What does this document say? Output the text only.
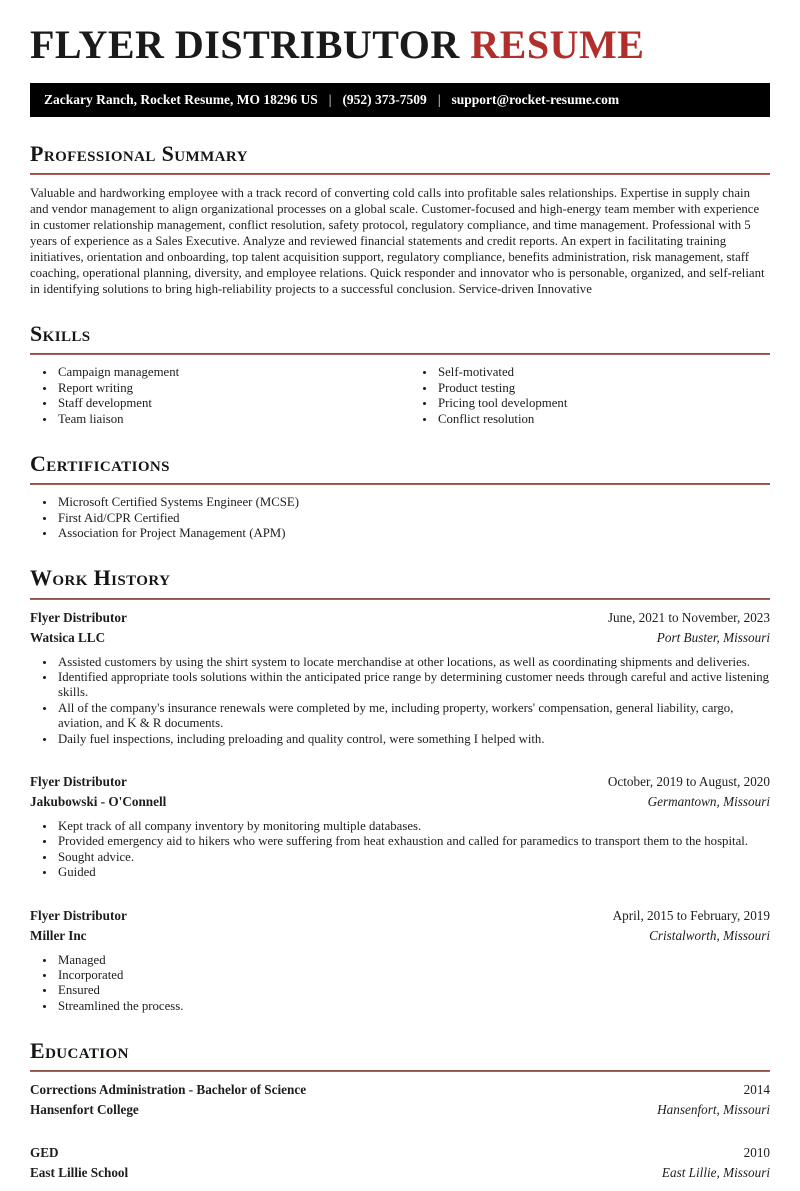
FLYER DISTRIBUTOR RESUME
Zackary Ranch, Rocket Resume, MO 18296 US | (952) 373-7509 | support@rocket-resume.com
Professional Summary

Valuable and hardworking employee with a track record of converting cold calls into profitable sales relationships. Expertise in supply chain and vendor management to align organizational processes on a global scale. Customer-focused and high-energy team member with experience in customer relationship management, conflict resolution, safety protocol, regulatory compliance, and time management. Professional with 5 years of experience as a Sales Executive. Analyze and reviewed financial statements and credit reports. An expert in facilitating training initiatives, orientation and onboarding, top talent acquisition support, regulatory compliance, benefits administration, risk management, staff coaching, operational planning, diversity, and employee relations. Quick responder and innovator who is personable, organized, and self-reliant in identifying solutions to bring high-reliability projects to a successful conclusion. Service-driven Innovative

Skills
• Campaign management
• Report writing
• Staff development
• Team liaison
• Self-motivated
• Product testing
• Pricing tool development
• Conflict resolution
Certifications
• Microsoft Certified Systems Engineer (MCSE)
• First Aid/CPR Certified
• Association for Project Management (APM)
Work History
Flyer Distributor	June, 2021 to November, 2023
Watsica LLC	Port Buster, Missouri
• Assisted customers by using the shirt system to locate merchandise at other locations, as well as coordinating shipments and deliveries.
• Identified appropriate tools solutions within the anticipated price range by determining customer needs through careful and active listening skills.
• All of the company's insurance renewals were completed by me, including property, workers' compensation, general liability, cargo, aviation, and K & R documents.
• Daily fuel inspections, including preloading and quality control, were something I helped with.
Flyer Distributor	October, 2019 to August, 2020
Jakubowski - O'Connell	Germantown, Missouri
• Kept track of all company inventory by monitoring multiple databases.
• Provided emergency aid to hikers who were suffering from heat exhaustion and called for paramedics to transport them to the hospital.
• Sought advice.
• Guided
Flyer Distributor	April, 2015 to February, 2019
Miller Inc	Cristalworth, Missouri
• Managed
• Incorporated
• Ensured
• Streamlined the process.
Education
Corrections Administration - Bachelor of Science	2014
Hansenfort College	Hansenfort, Missouri
GED	2010
East Lillie School	East Lillie, Missouri
